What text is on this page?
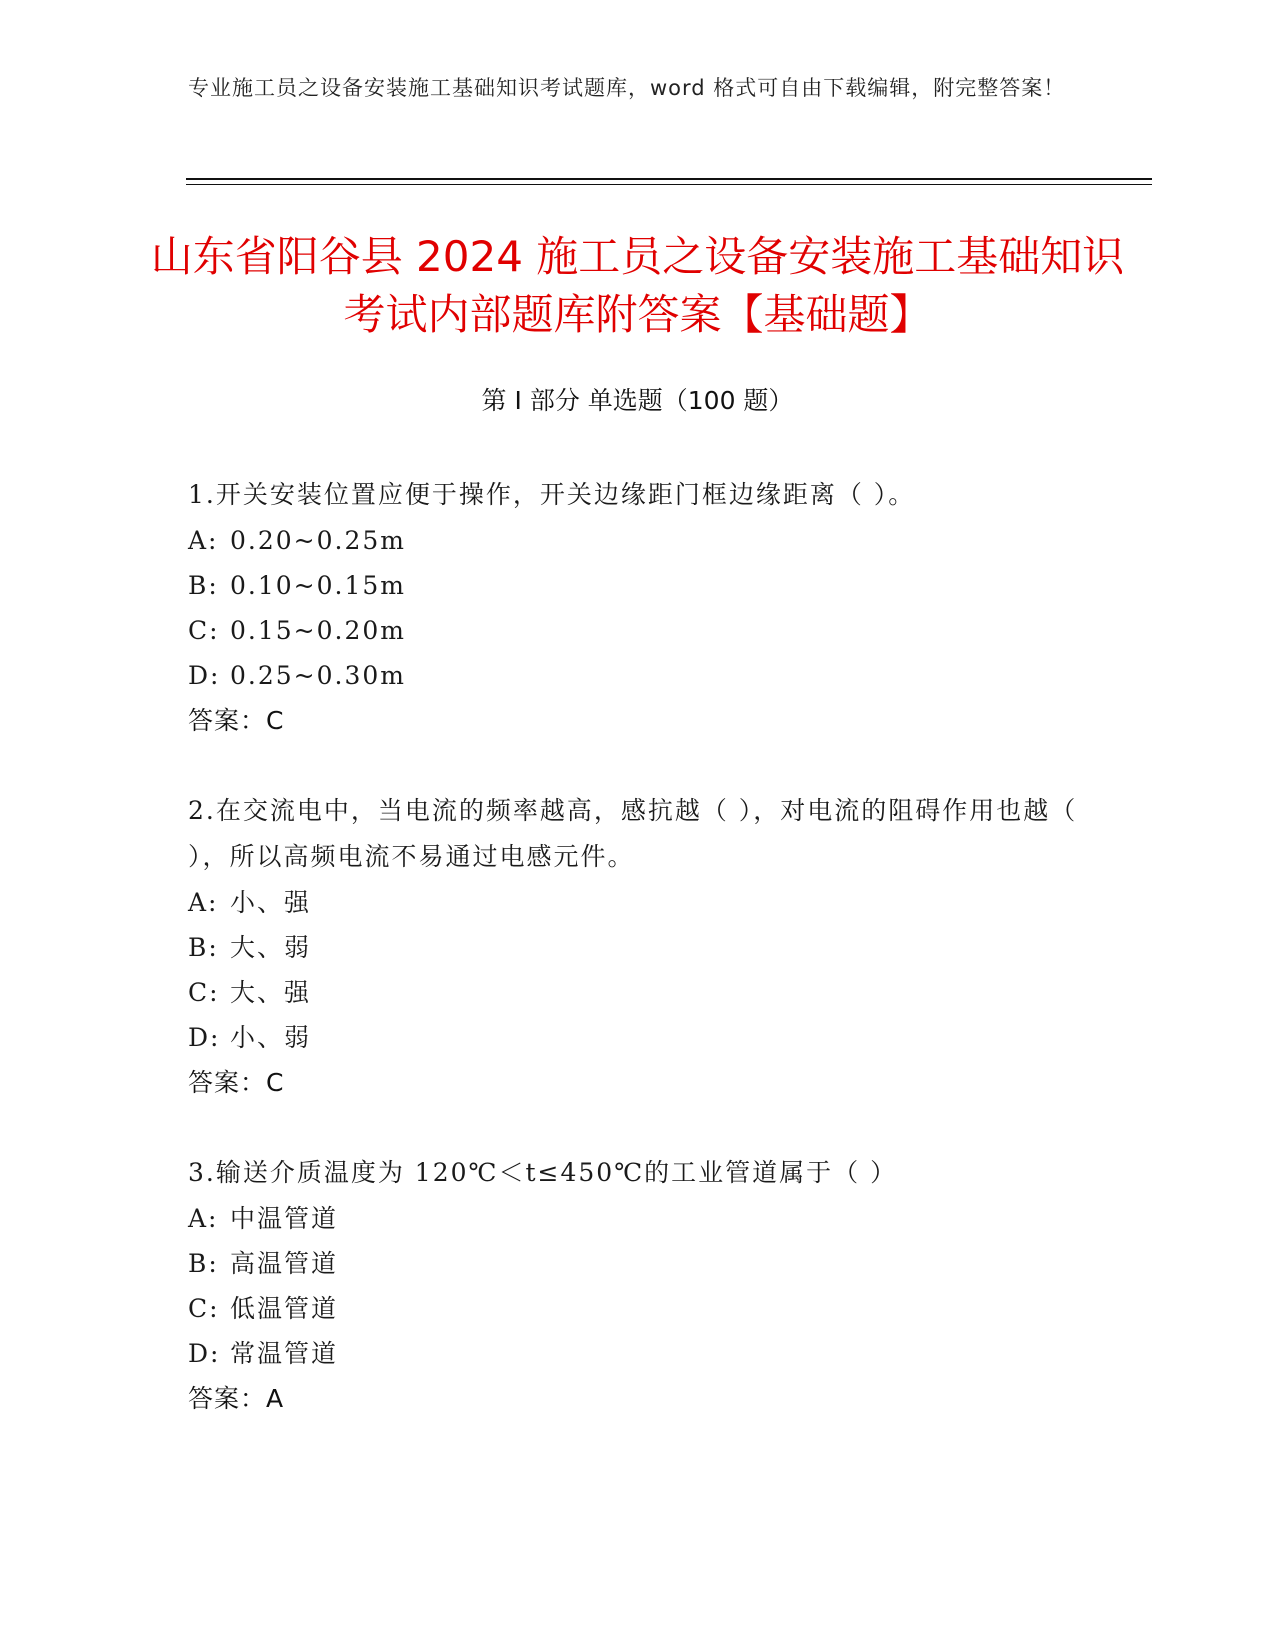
专业施工员之设备安装施工基础知识考试题库，word 格式可自由下载编辑，附完整答案！
山东省阳谷县 2024 施工员之设备安装施工基础知识考试内部题库附答案【基础题】
第 I 部分 单选题（100 题）

1.开关安装位置应便于操作，开关边缘距门框边缘距离（ ）。

A: 0.20~0.25m
B: 0.10~0.15m
C: 0.15~0.20m
D: 0.25~0.30m

答案：C

2.在交流电中，当电流的频率越高，感抗越（ ），对电流的阻碍作用也越（ ），所以高频电流不易通过电感元件。

A: 小、强
B: 大、弱
C: 大、强
D: 小、弱

答案：C

3.输送介质温度为 120℃＜t≤450℃的工业管道属于（ ）

A: 中温管道
B: 高温管道
C: 低温管道
D: 常温管道

答案：A
